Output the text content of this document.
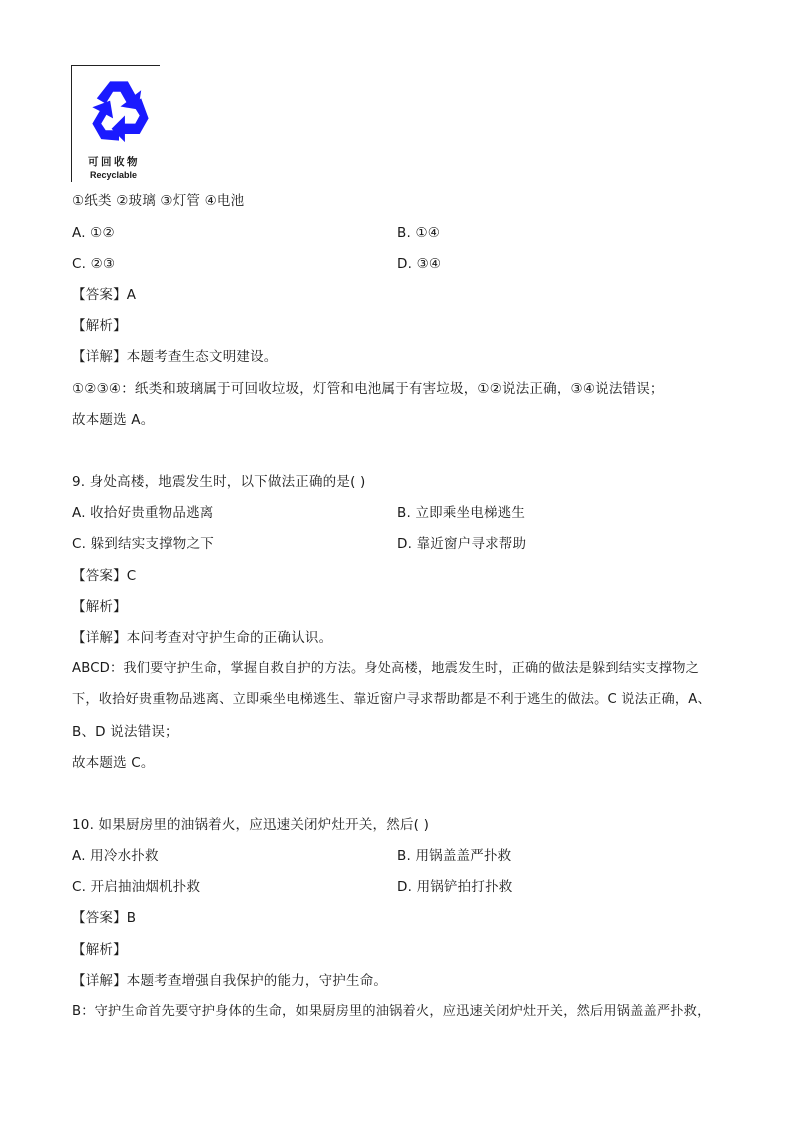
可回收物
Recyclable
①纸类 ②玻璃 ③灯管 ④电池
A. ①②	B. ①④
C. ②③	D. ③④
【答案】A
【解析】
【详解】本题考查生态文明建设。
①②③④：纸类和玻璃属于可回收垃圾，灯管和电池属于有害垃圾，①②说法正确，③④说法错误；
故本题选 A。
9. 身处高楼，地震发生时，以下做法正确的是( )
A. 收拾好贵重物品逃离	B. 立即乘坐电梯逃生
C. 躲到结实支撑物之下	D. 靠近窗户寻求帮助
【答案】C
【解析】
【详解】本问考查对守护生命的正确认识。
ABCD：我们要守护生命，掌握自救自护的方法。身处高楼，地震发生时，正确的做法是躲到结实支撑物之
下，收拾好贵重物品逃离、立即乘坐电梯逃生、靠近窗户寻求帮助都是不利于逃生的做法。C 说法正确，A、
B、D 说法错误；
故本题选 C。
10. 如果厨房里的油锅着火，应迅速关闭炉灶开关，然后( )
A. 用冷水扑救	B. 用锅盖盖严扑救
C. 开启抽油烟机扑救	D. 用锅铲拍打扑救
【答案】B
【解析】
【详解】本题考查增强自我保护的能力，守护生命。
B：守护生命首先要守护身体的生命，如果厨房里的油锅着火，应迅速关闭炉灶开关，然后用锅盖盖严扑救，
